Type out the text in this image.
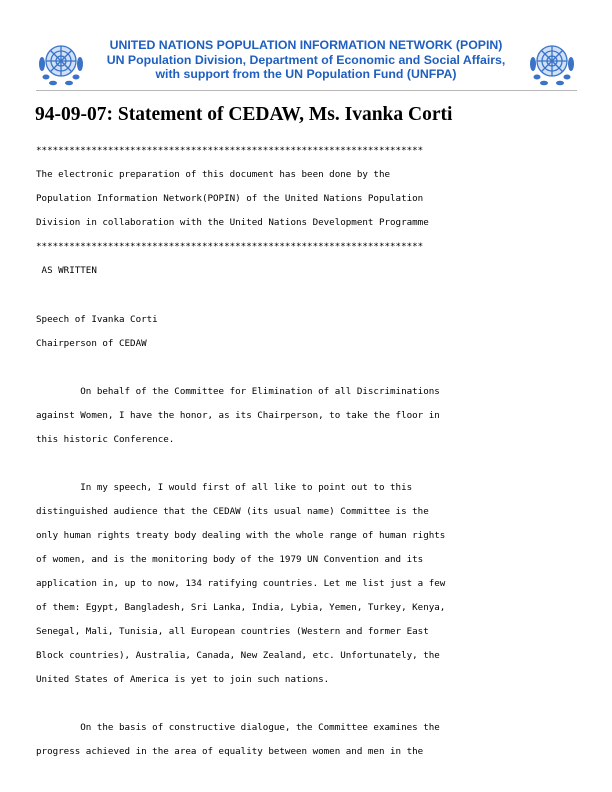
UNITED NATIONS POPULATION INFORMATION NETWORK (POPIN)
UN Population Division, Department of Economic and Social Affairs,
with support from the UN Population Fund (UNFPA)
94-09-07: Statement of CEDAW, Ms. Ivanka Corti
**********************************************************************
The electronic preparation of this document has been done by the
Population Information Network(POPIN) of the United Nations Population
Division in collaboration with the United Nations Development Programme
**********************************************************************
AS WRITTEN
Speech of Ivanka Corti
Chairperson of CEDAW
On behalf of the Committee for Elimination of all Discriminations
against Women, I have the honor, as its Chairperson, to take the floor in
this historic Conference.
In my speech, I would first of all like to point out to this
distinguished audience that the CEDAW (its usual name) Committee is the
only human rights treaty body dealing with the whole range of human rights
of women, and is the monitoring body of the 1979 UN Convention and its
application in, up to now, 134 ratifying countries. Let me list just a few
of them: Egypt, Bangladesh, Sri Lanka, India, Lybia, Yemen, Turkey, Kenya,
Senegal, Mali, Tunisia, all European countries (Western and former East
Block countries), Australia, Canada, New Zealand, etc. Unfortunately, the
United States of America is yet to join such nations.
On the basis of constructive dialogue, the Committee examines the
progress achieved in the area of equality between women and men in the
